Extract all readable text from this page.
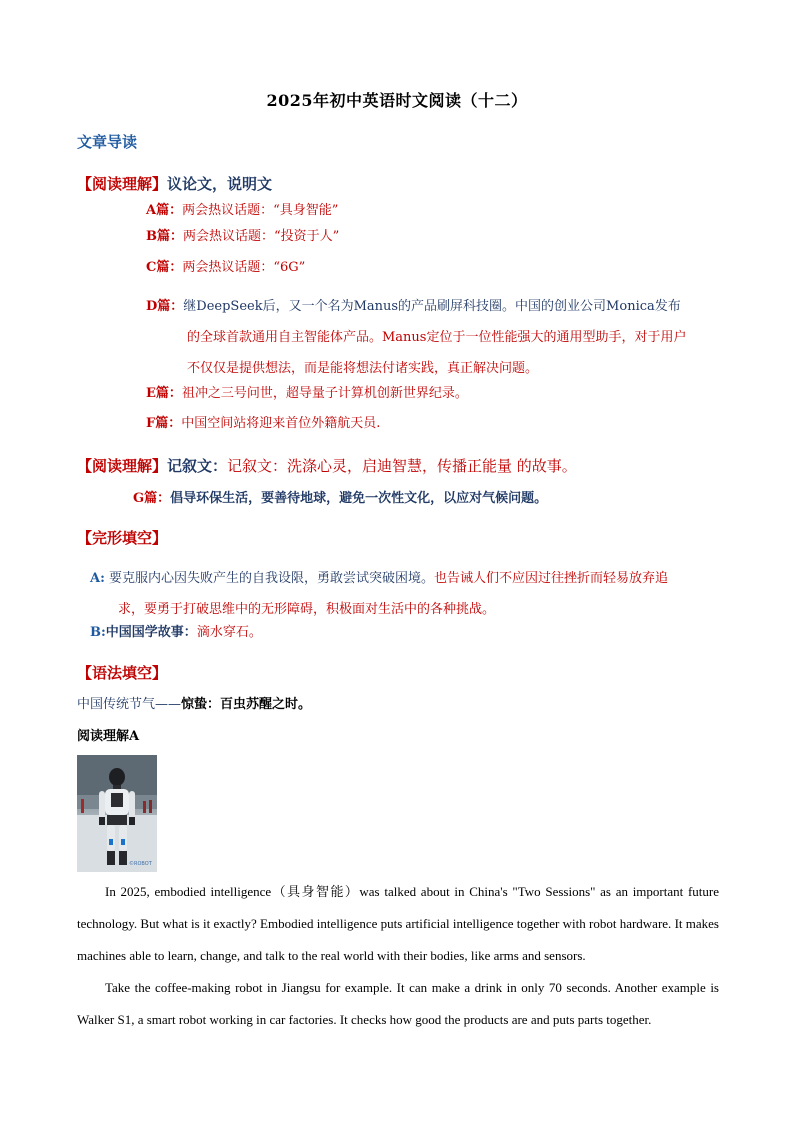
2025年初中英语时文阅读（十二）
文章导读
【阅读理解】议论文，说明文
A篇：两会热议话题：“具身智能”
B篇：两会热议话题：“投资于人”
C篇：两会热议话题：“6G”
D篇：继DeepSeek后，又一个名为Manus的产品刷屏科技圈。中国的创业公司Monica发布
的全球首款通用自主智能体产品。Manus定位于一位性能强大的通用型助手，对于用户
不仅仅是提供想法，而是能将想法付诸实践，真正解决问题。
E篇：祖冲之三号问世，超导量子计算机创新世界纪录。
F篇：中国空间站将迎来首位外籍航天员.
【阅读理解】记叙文：记叙文：洗涤心灵，启迪智慧，传播正能量 的故事。
G篇：倡导环保生活，要善待地球，避免一次性文化，以应对气候问题。
【完形填空】
A: 要克服内心因失败产生的自我设限，勇敢尝试突破困境。也告诫人们不应因过往挫折而轻易放弃追
求，要勇于打破思维中的无形障碍，积极面对生活中的各种挑战。
B:中国国学故事：滴水穿石。
【语法填空】
中国传统节气——惊蛰：百虫苏醒之时。
阅读理解A
©ROBOT
In 2025, embodied intelligence（具身智能）was talked about in China's "Two Sessions" as an important future technology. But what is it exactly? Embodied intelligence puts artificial intelligence together with robot hardware. It makes machines able to learn, change, and talk to the real world with their bodies, like arms and sensors.
Take the coffee-making robot in Jiangsu for example. It can make a drink in only 70 seconds. Another example is Walker S1, a smart robot working in car factories. It checks how good the products are and puts parts together.
